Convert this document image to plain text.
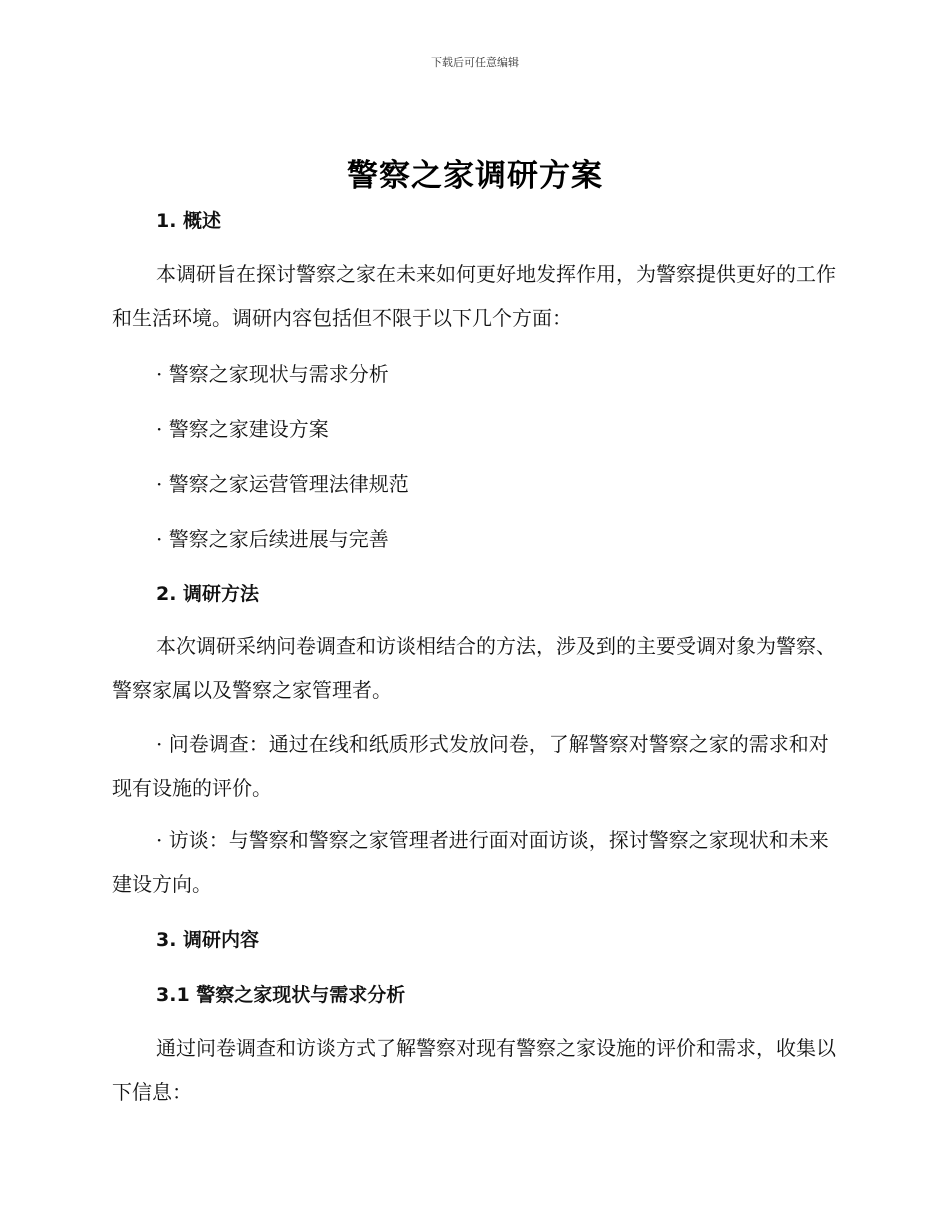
下载后可任意编辑
警察之家调研方案
1. 概述
本调研旨在探讨警察之家在未来如何更好地发挥作用，为警察提供更好的工作和生活环境。调研内容包括但不限于以下几个方面：
· 警察之家现状与需求分析
· 警察之家建设方案
· 警察之家运营管理法律规范
· 警察之家后续进展与完善
2. 调研方法
本次调研采纳问卷调查和访谈相结合的方法，涉及到的主要受调对象为警察、警察家属以及警察之家管理者。
· 问卷调查：通过在线和纸质形式发放问卷，了解警察对警察之家的需求和对现有设施的评价。
· 访谈：与警察和警察之家管理者进行面对面访谈，探讨警察之家现状和未来建设方向。
3. 调研内容
3.1 警察之家现状与需求分析
通过问卷调查和访谈方式了解警察对现有警察之家设施的评价和需求，收集以下信息：
